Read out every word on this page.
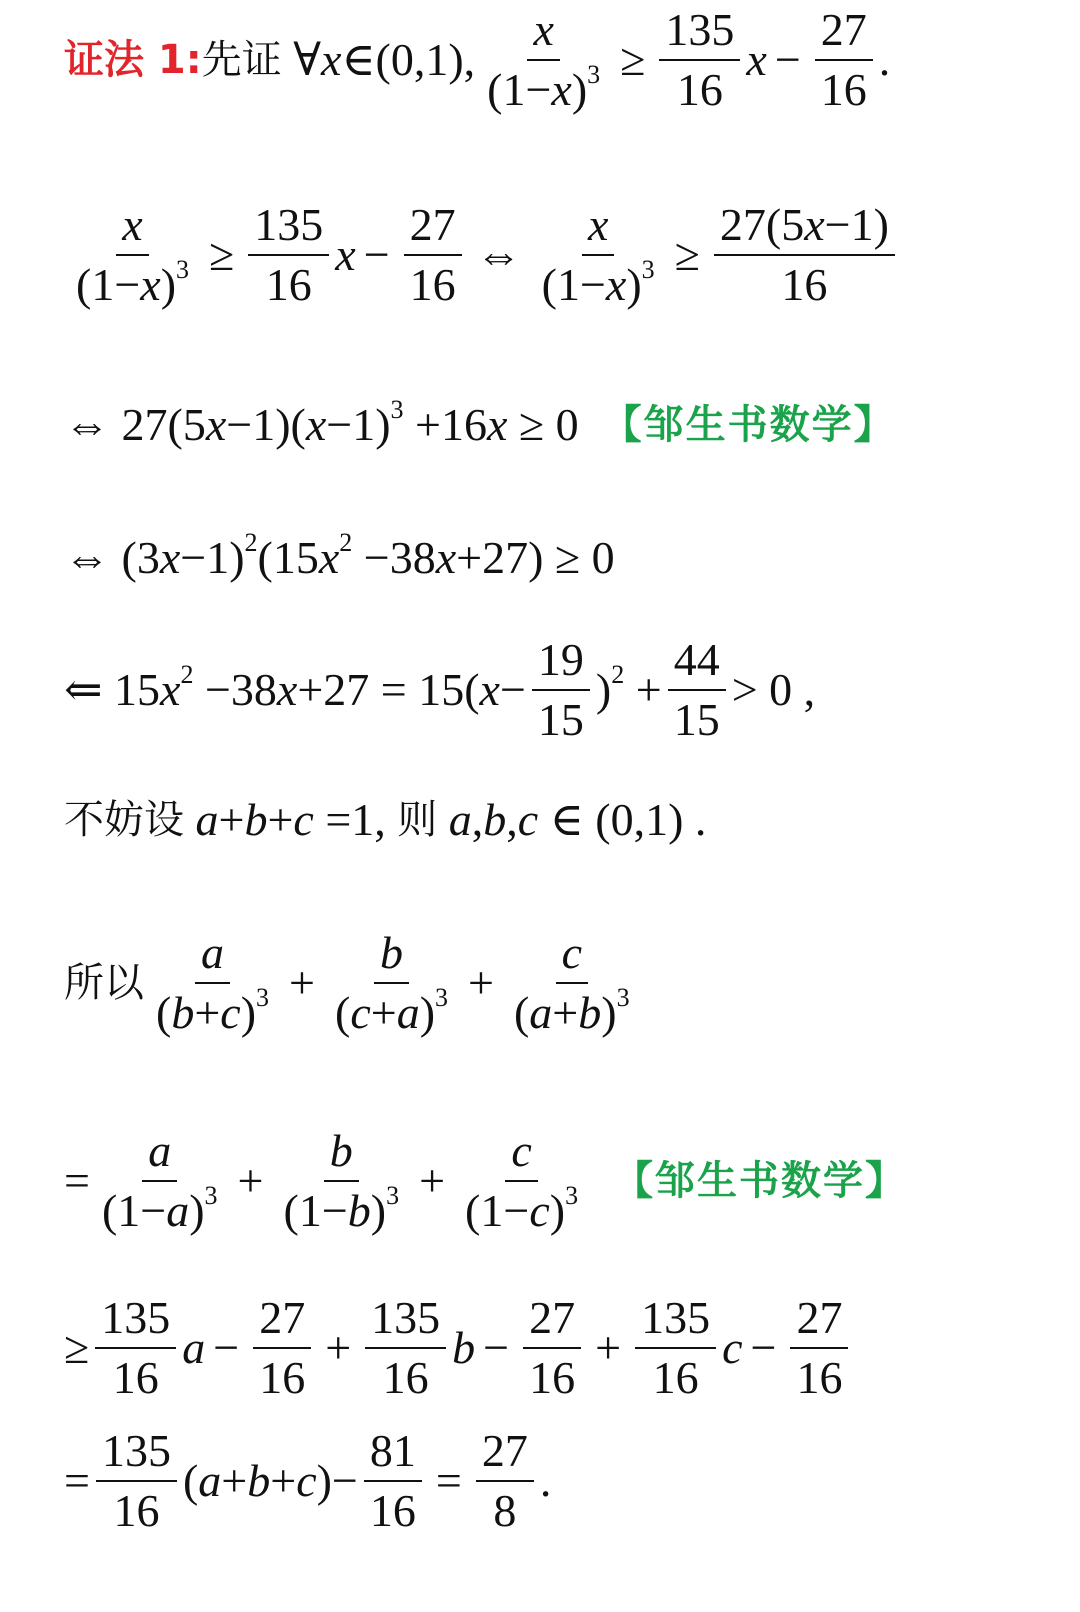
证法 1: 先证 ∀x∈(0,1), $\frac{x}{(1-x)^3} \ge \frac{135}{16}$ $x - \frac{27}{16}$ .
$\frac{x}{(1-x)^3} \ge \frac{135}{16}$ $x - \frac{27}{16}$ ⇔ $\frac{x}{(1-x)^3} \ge \frac{27(5x-1)}{16}$
⇔ $27(5x-1)(x-1)^3 +16x \ge 0$ 【邹生书数学】
⇔ $(3x-1)^2(15x^2 -38x+27) \ge 0$
⇐ $15x^2 -38x+27 = 15(x- \frac{19}{15} )^2 + \frac{44}{15} > 0$ ,
不妨设 a+b+c =1, 则 a,b,c ∈ (0,1) .
所以 $\frac{a}{(b+c)^3} + \frac{b}{(c+a)^3} + \frac{c}{(a+b)^3}$
= $\frac{a}{(1-a)^3} + \frac{b}{(1-b)^3} + \frac{c}{(1-c)^3}$
【邹生书数学】
≥ $\frac{135}{16}$ $a - \frac{27}{16} + \frac{135}{16}$ $b - \frac{27}{16} + \frac{135}{16}$ $c - \frac{27}{16}$
= $\frac{135}{16} (a+b+c)- \frac{81}{16} = \frac{27}{8}$ .
